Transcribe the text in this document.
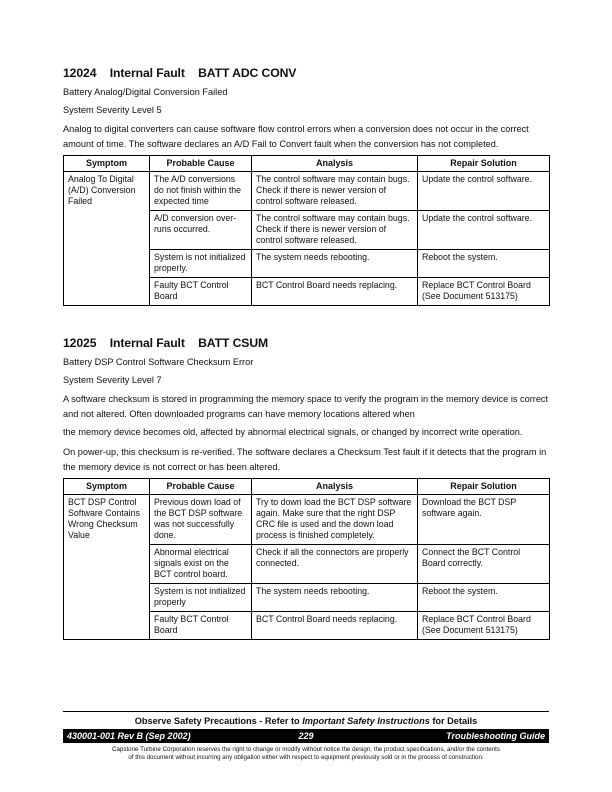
12024 Internal Fault BATT ADC CONV
Battery Analog/Digital Conversion Failed
System Severity Level 5
Analog to digital converters can cause software flow control errors when a conversion does not occur in the correct amount of time. The software declares an A/D Fail to Convert fault when the conversion has not completed.
Symptom	Probable Cause	Analysis	Repair Solution
Analog To Digital (A/D) Conversion Failed	The A/D conversions do not finish within the expected time	The control software may contain bugs. Check if there is newer version of control software released.	Update the control software.
	A/D conversion over-runs occurred.	The control software may contain bugs. Check if there is newer version of control software released.	Update the control software.
	System is not initialized properly.	The system needs rebooting.	Reboot the system.
	Faulty BCT Control Board	BCT Control Board needs replacing.	Replace BCT Control Board (See Document 513175)
12025 Internal Fault BATT CSUM
Battery DSP Control Software Checksum Error
System Severity Level 7
A software checksum is stored in programming the memory space to verify the program in the memory device is correct and not altered. Often downloaded programs can have memory locations altered when
the memory device becomes old, affected by abnormal electrical signals, or changed by incorrect write operation.
On power-up, this checksum is re-verified. The software declares a Checksum Test fault if it detects that the program in the memory device is not correct or has been altered.
Symptom	Probable Cause	Analysis	Repair Solution
BCT DSP Control Software Contains Wrong Checksum Value	Previous down load of the BCT DSP software was not successfully done.	Try to down load the BCT DSP software again. Make sure that the right DSP CRC file is used and the down load process is finished completely.	Download the BCT DSP software again.
	Abnormal electrical signals exist on the BCT control board.	Check if all the connectors are properly connected.	Connect the BCT Control Board correctly.
	System is not initialized properly	The system needs rebooting.	Reboot the system.
	Faulty BCT Control Board	BCT Control Board needs replacing.	Replace BCT Control Board (See Document 513175)
Observe Safety Precautions - Refer to Important Safety Instructions for Details
430001-001 Rev B (Sep 2002)	229	Troubleshooting Guide
Capstone Turbine Corporation reserves the right to change or modify without notice the design, the product specifications, and/or the contents
of this document without incurring any obligation either with respect to equipment previously sold or in the process of construction.
